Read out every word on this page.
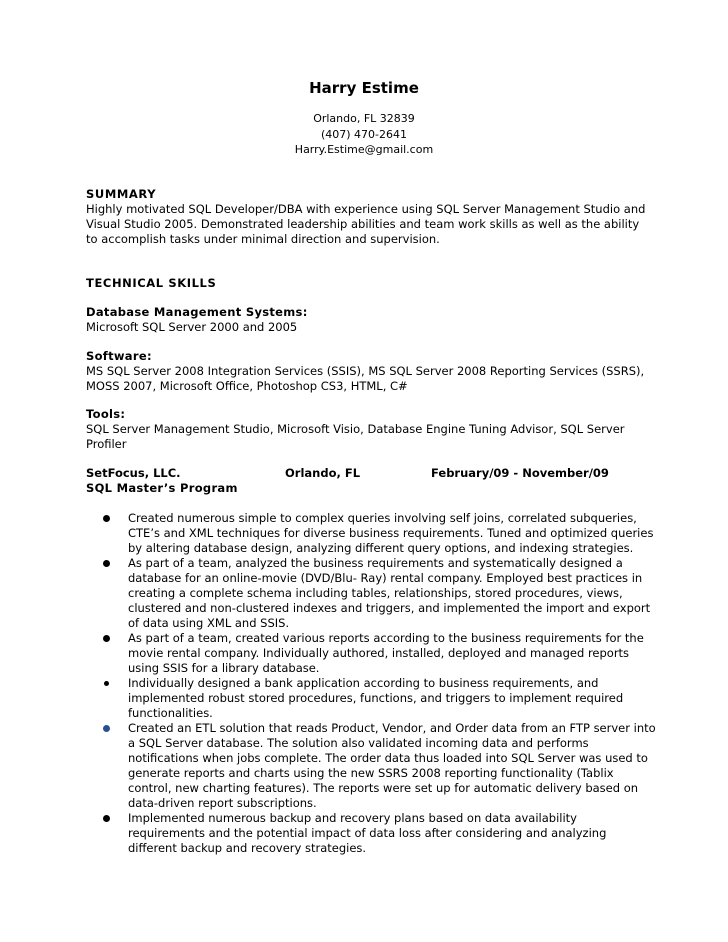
Harry Estime
Orlando, FL 32839
(407) 470-2641
Harry.Estime@gmail.com

SUMMARY

Highly motivated SQL Developer/DBA with experience using SQL Server Management Studio and Visual Studio 2005. Demonstrated leadership abilities and team work skills as well as the ability to accomplish tasks under minimal direction and supervision.

TECHNICAL SKILLS

Database Management Systems:

Microsoft SQL Server 2000 and 2005

Software:

MS SQL Server 2008 Integration Services (SSIS), MS SQL Server 2008 Reporting Services (SSRS), MOSS 2007, Microsoft Office, Photoshop CS3, HTML, C#

Tools:

SQL Server Management Studio, Microsoft Visio, Database Engine Tuning Advisor, SQL Server Profiler

SetFocus, LLC.	Orlando, FL	February/09 - November/09
SQL Master’s Program
Created numerous simple to complex queries involving self joins, correlated subqueries, CTE’s and XML techniques for diverse business requirements. Tuned and optimized queries by altering database design, analyzing different query options, and indexing strategies.
As part of a team, analyzed the business requirements and systematically designed a database for an online-movie (DVD/Blu- Ray) rental company. Employed best practices in creating a complete schema including tables, relationships, stored procedures, views, clustered and non-clustered indexes and triggers, and implemented the import and export of data using XML and SSIS.
As part of a team, created various reports according to the business requirements for the movie rental company. Individually authored, installed, deployed and managed reports using SSIS for a library database.
Individually designed a bank application according to business requirements, and implemented robust stored procedures, functions, and triggers to implement required functionalities.
Created an ETL solution that reads Product, Vendor, and Order data from an FTP server into a SQL Server database. The solution also validated incoming data and performs notifications when jobs complete. The order data thus loaded into SQL Server was used to generate reports and charts using the new SSRS 2008 reporting functionality (Tablix control, new charting features). The reports were set up for automatic delivery based on data-driven report subscriptions.
Implemented numerous backup and recovery plans based on data availability requirements and the potential impact of data loss after considering and analyzing different backup and recovery strategies.
